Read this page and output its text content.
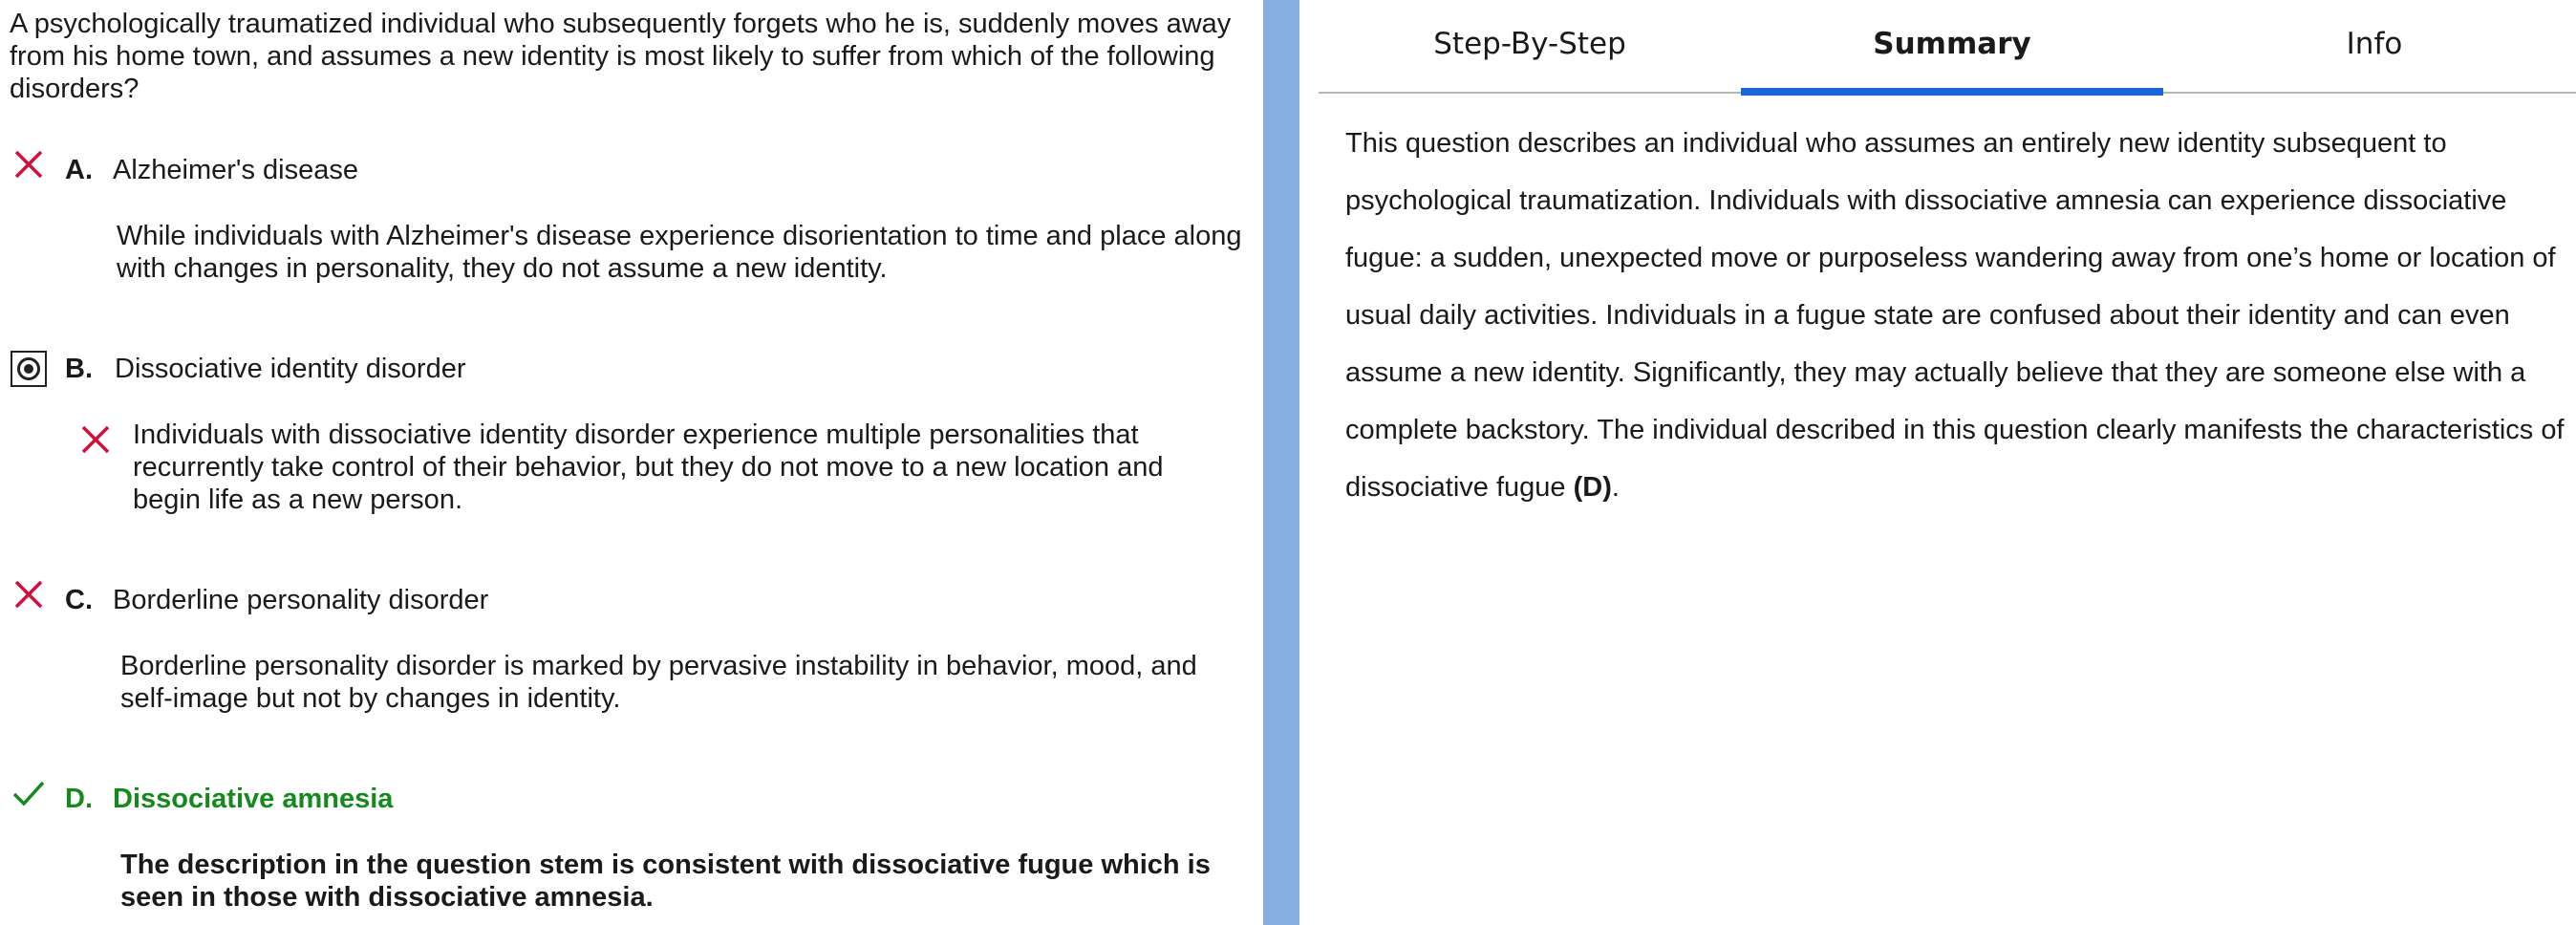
A psychologically traumatized individual who subsequently forgets who he is, suddenly moves away from his home town, and assumes a new identity is most likely to suffer from which of the following disorders?

A. Alzheimer's disease

While individuals with Alzheimer's disease experience disorientation to time and place along with changes in personality, they do not assume a new identity.

B. Dissociative identity disorder

Individuals with dissociative identity disorder experience multiple personalities that recurrently take control of their behavior, but they do not move to a new location and begin life as a new person.

C. Borderline personality disorder

Borderline personality disorder is marked by pervasive instability in behavior, mood, and self-image but not by changes in identity.

D. Dissociative amnesia

The description in the question stem is consistent with dissociative fugue which is seen in those with dissociative amnesia.

Step-By-Step	Summary	Info

This question describes an individual who assumes an entirely new identity subsequent to psychological traumatization. Individuals with dissociative amnesia can experience dissociative fugue: a sudden, unexpected move or purposeless wandering away from one’s home or location of usual daily activities. Individuals in a fugue state are confused about their identity and can even assume a new identity. Significantly, they may actually believe that they are someone else with a complete backstory. The individual described in this question clearly manifests the characteristics of dissociative fugue (D).
